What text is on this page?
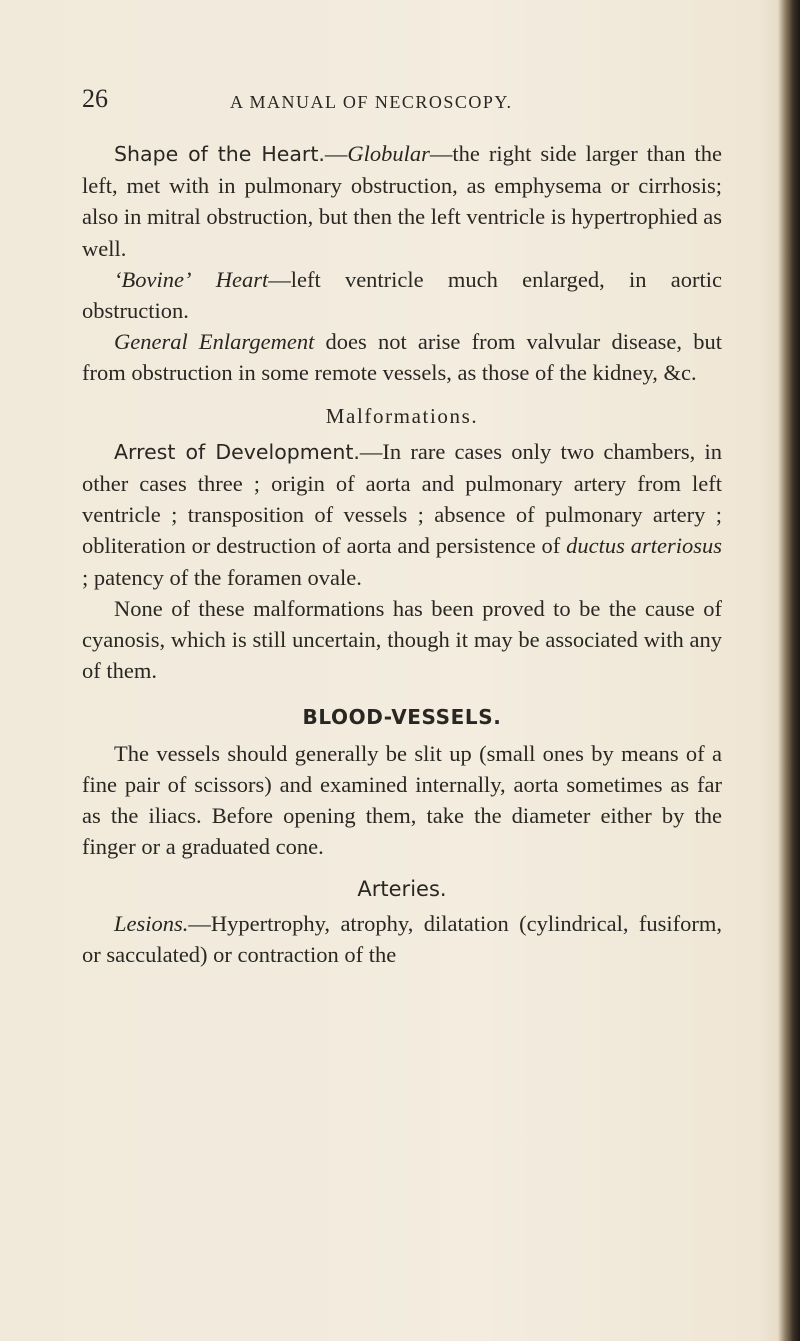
26	A MANUAL OF NECROSCOPY.

Shape of the Heart.—Globular—the right side larger than the left, met with in pulmonary obstruction, as emphysema or cirrhosis; also in mitral obstruction, but then the left ventricle is hypertrophied as well.

‘Bovine’ Heart—left ventricle much enlarged, in aortic obstruction.

General Enlargement does not arise from valvular disease, but from obstruction in some remote vessels, as those of the kidney, &c.

Malformations.

Arrest of Development.—In rare cases only two chambers, in other cases three ; origin of aorta and pulmonary artery from left ventricle ; transposition of vessels ; absence of pulmonary artery ; obliteration or destruction of aorta and persistence of ductus arteriosus ; patency of the foramen ovale.

None of these malformations has been proved to be the cause of cyanosis, which is still uncertain, though it may be associated with any of them.

BLOOD-VESSELS.

The vessels should generally be slit up (small ones by means of a fine pair of scissors) and examined internally, aorta sometimes as far as the iliacs. Before opening them, take the diameter either by the finger or a graduated cone.

Arteries.

Lesions.—Hypertrophy, atrophy, dilatation (cylindrical, fusiform, or sacculated) or contraction of the
